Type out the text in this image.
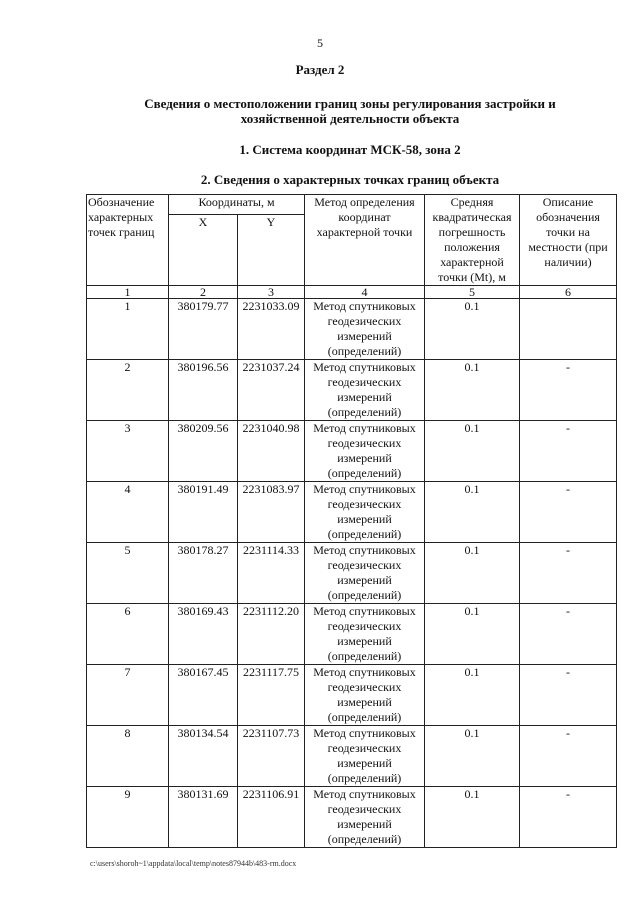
5
Раздел 2
Сведения о местоположении границ зоны регулирования застройки и хозяйственной деятельности объекта
1. Система координат МСК-58, зона 2
2. Сведения о характерных точках границ объекта
Обозначение характерных точек границ	Координаты, м		Метод определения координат характерной точки	Средняя квадратическая погрешность положения характерной точки (Mt), м	Описание обозначения точки на местности (при наличии)
	X	Y			
1	2	3	4	5	6
1	380179.77	2231033.09	Метод спутниковых геодезических измерений (определений)	0.1	
2	380196.56	2231037.24	Метод спутниковых геодезических измерений (определений)	0.1	-
3	380209.56	2231040.98	Метод спутниковых геодезических измерений (определений)	0.1	-
4	380191.49	2231083.97	Метод спутниковых геодезических измерений (определений)	0.1	-
5	380178.27	2231114.33	Метод спутниковых геодезических измерений (определений)	0.1	-
6	380169.43	2231112.20	Метод спутниковых геодезических измерений (определений)	0.1	-
7	380167.45	2231117.75	Метод спутниковых геодезических измерений (определений)	0.1	-
8	380134.54	2231107.73	Метод спутниковых геодезических измерений (определений)	0.1	-
9	380131.69	2231106.91	Метод спутниковых геодезических измерений (определений)	0.1	-
c:\users\shoroh~1\appdata\local\temp\notes87944b\483-rm.docx
